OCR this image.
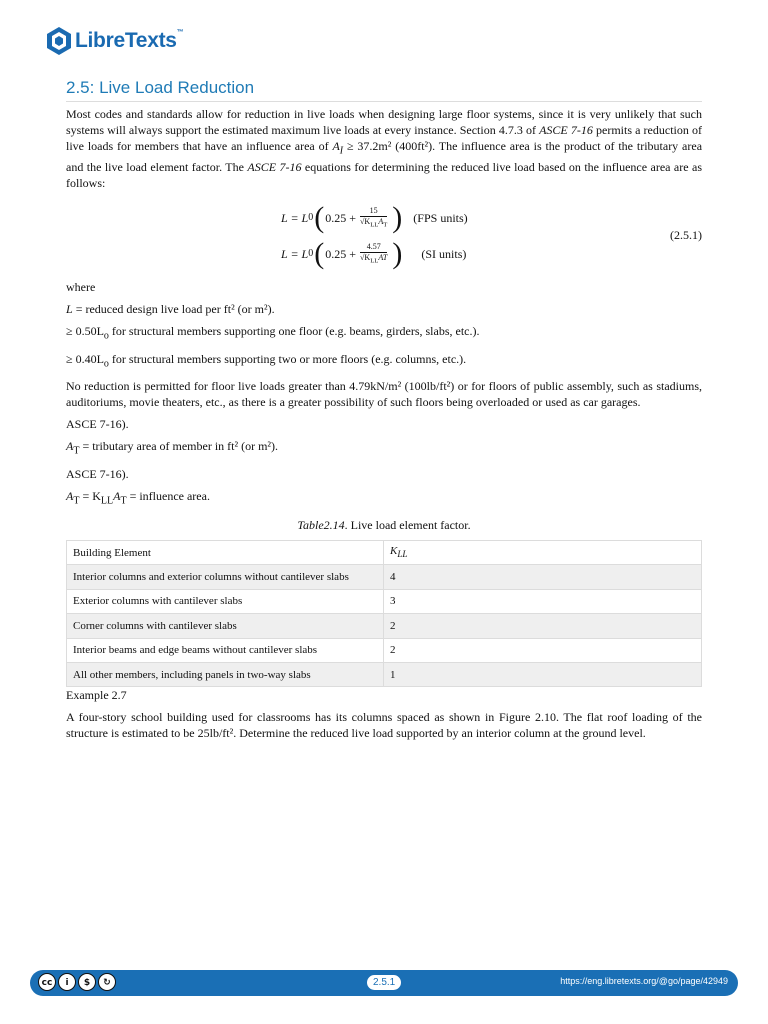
LibreTexts™
2.5: Live Load Reduction

Most codes and standards allow for reduction in live loads when designing large floor systems, since it is very unlikely that such systems will always support the estimated maximum live loads at every instance. Section 4.7.3 of ASCE 7-16 permits a reduction of live loads for members that have an influence area of $A_I \ge 37.2m^2$ (400ft²). The influence area is the product of the tributary area and the live load element factor. The ASCE 7-16 equations for determining the reduced live load based on the influence area are as follows:

L = L 0 ( $0.25 + \frac{15}{√K_{LL}A_T}$ ) (FPS units)
L = L 0 ( $0.25 + \frac{4.57}{√K_{LL}AT}$ ) (SI units)
(2.5.1)

where

L = reduced design live load per ft² (or m²).

≥ $0.50L_o$ for structural members supporting one floor (e.g. beams, girders, slabs, etc.).

≥ $0.40L_o$ for structural members supporting two or more floors (e.g. columns, etc.).

No reduction is permitted for floor live loads greater than 4.79kN/m² (100lb/ft²) or for floors of public assembly, such as stadiums, auditoriums, movie theaters, etc., as there is a greater possibility of such floors being overloaded or used as car garages.

ASCE 7-16).

$A_T$ = tributary area of member in ft² (or m²).

ASCE 7-16).

$A_T = K_{LL}A_T$ = influence area.

Table2.14. Live load element factor.
Building Element	$K_{LL}$
Interior columns and exterior columns without cantilever slabs	4
Exterior columns with cantilever slabs	3
Corner columns with cantilever slabs	2
Interior beams and edge beams without cantilever slabs	2
All other members, including panels in two-way slabs	1

Example 2.7

A four-story school building used for classrooms has its columns spaced as shown in Figure 2.10. The flat roof loading of the structure is estimated to be 25lb/ft². Determine the reduced live load supported by an interior column at the ground level.

cc	i	$	↻	2.5.1	https://eng.libretexts.org/@go/page/42949
